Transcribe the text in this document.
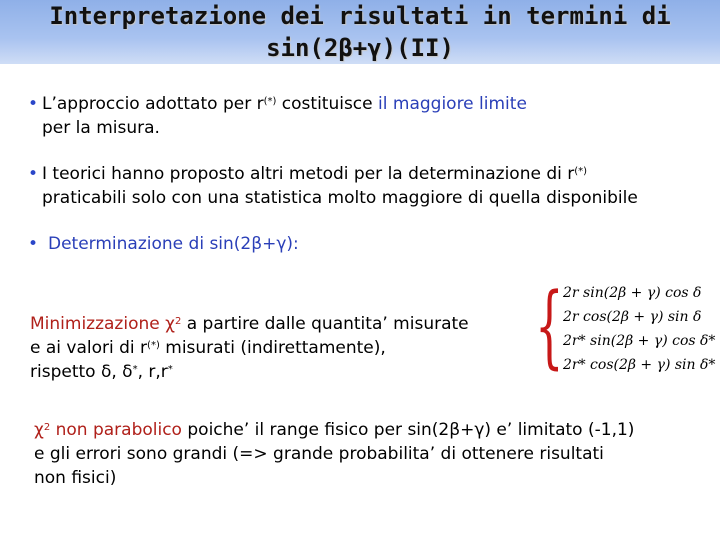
Interpretazione dei risultati in termini di
sin(2β+γ)(II)
• L’approccio adottato per r(*) costituisce il maggiore limite
per la misura.
• I teorici hanno proposto altri metodi per la determinazione di r(*)
praticabili solo con una statistica molto maggiore di quella disponibile
• Determinazione di sin(2β+γ):
Minimizzazione $\chi^2$ a partire dalle quantita’ misurate
e ai valori di r(*) misurati (indirettamente),
rispetto δ, δ*, r,r*	{ 2r sin(2β + γ) cos δ
2r cos(2β + γ) sin δ
2r* sin(2β + γ) cos δ*
2r* cos(2β + γ) sin δ*
$\chi^2$ non parabolico poiche’ il range fisico per sin(2β+γ) e’ limitato (-1,1)
e gli errori sono grandi (=> grande probabilita’ di ottenere risultati
non fisici)
